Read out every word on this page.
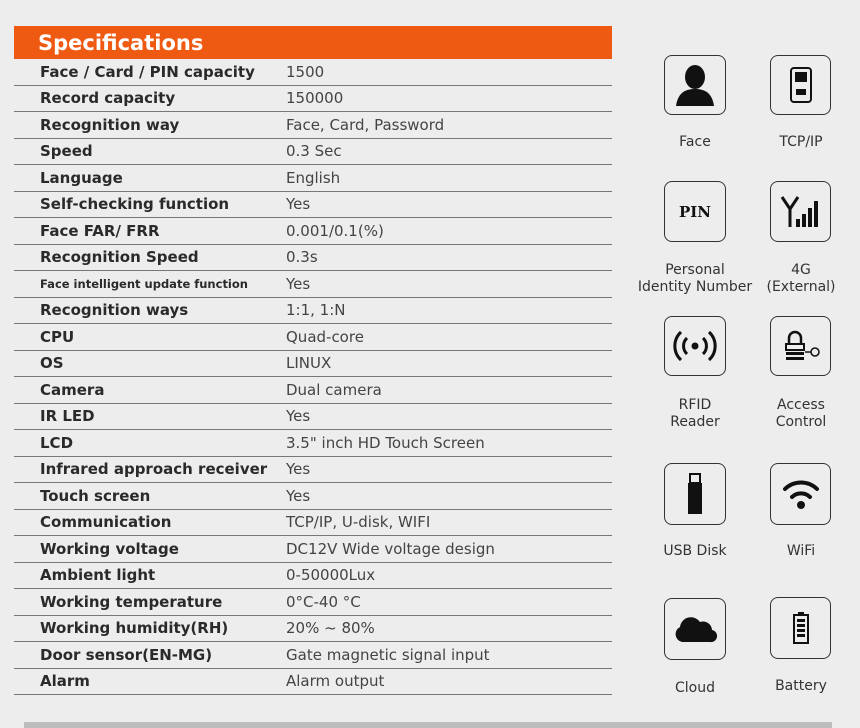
Specifications
Face / Card / PIN capacity	1500
Record capacity	150000
Recognition way	Face, Card, Password
Speed	0.3 Sec
Language	English
Self-checking function	Yes
Face FAR/ FRR	0.001/0.1(%)
Recognition Speed	0.3s
Face intelligent update function	Yes
Recognition ways	1:1, 1:N
CPU	Quad-core
OS	LINUX
Camera	Dual camera
IR LED	Yes
LCD	3.5" inch HD Touch Screen
Infrared approach receiver	Yes
Touch screen	Yes
Communication	TCP/IP, U-disk, WIFI
Working voltage	DC12V Wide voltage design
Ambient light	0-50000Lux
Working temperature	0°C-40 °C
Working humidity(RH)	20% ~ 80%
Door sensor(EN-MG)	Gate magnetic signal input
Alarm	Alarm output
Face	TCP/IP
PIN
Personal
Identity Number
4G
(External)
RFID
Reader
Access
Control
USB Disk	WiFi
Cloud	Battery
